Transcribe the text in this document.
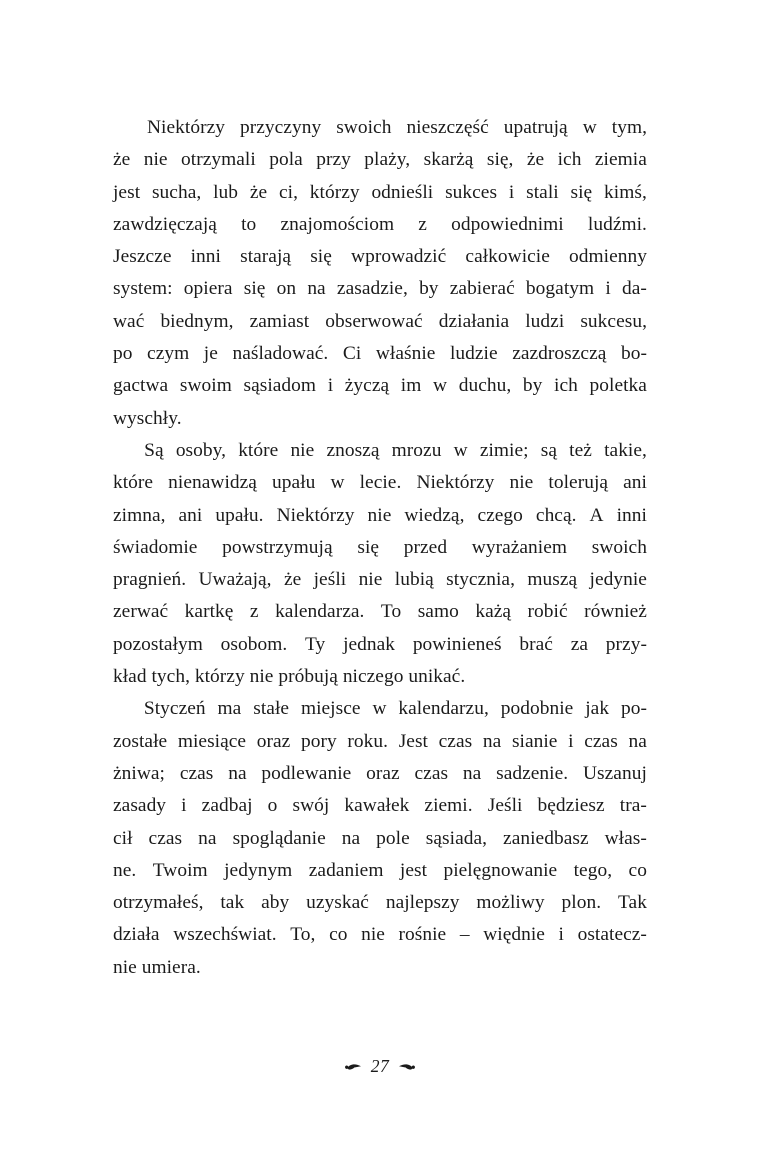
Niektórzy przyczyny swoich nieszczęść upatrują w tym,
że nie otrzymali pola przy plaży, skarżą się, że ich ziemia
jest sucha, lub że ci, którzy odnieśli sukces i stali się kimś,
zawdzięczają to znajomościom z odpowiednimi ludźmi.
Jeszcze inni starają się wprowadzić całkowicie odmienny
system: opiera się on na zasadzie, by zabierać bogatym i da-
wać biednym, zamiast obserwować działania ludzi sukcesu,
po czym je naśladować. Ci właśnie ludzie zazdroszczą bo-
gactwa swoim sąsiadom i życzą im w duchu, by ich poletka
wyschły.

Są osoby, które nie znoszą mrozu w zimie; są też takie,
które nienawidzą upału w lecie. Niektórzy nie tolerują ani
zimna, ani upału. Niektórzy nie wiedzą, czego chcą. A inni
świadomie powstrzymują się przed wyrażaniem swoich
pragnień. Uważają, że jeśli nie lubią stycznia, muszą jedynie
zerwać kartkę z kalendarza. To samo każą robić również
pozostałym osobom. Ty jednak powinieneś brać za przy-
kład tych, którzy nie próbują niczego unikać.

Styczeń ma stałe miejsce w kalendarzu, podobnie jak po-
zostałe miesiące oraz pory roku. Jest czas na sianie i czas na
żniwa; czas na podlewanie oraz czas na sadzenie. Uszanuj
zasady i zadbaj o swój kawałek ziemi. Jeśli będziesz tra-
cił czas na spoglądanie na pole sąsiada, zaniedbasz włas-
ne. Twoim jedynym zadaniem jest pielęgnowanie tego, co
otrzymałeś, tak aby uzyskać najlepszy możliwy plon. Tak
działa wszechświat. To, co nie rośnie – więdnie i ostatecz-
nie umiera.

27
